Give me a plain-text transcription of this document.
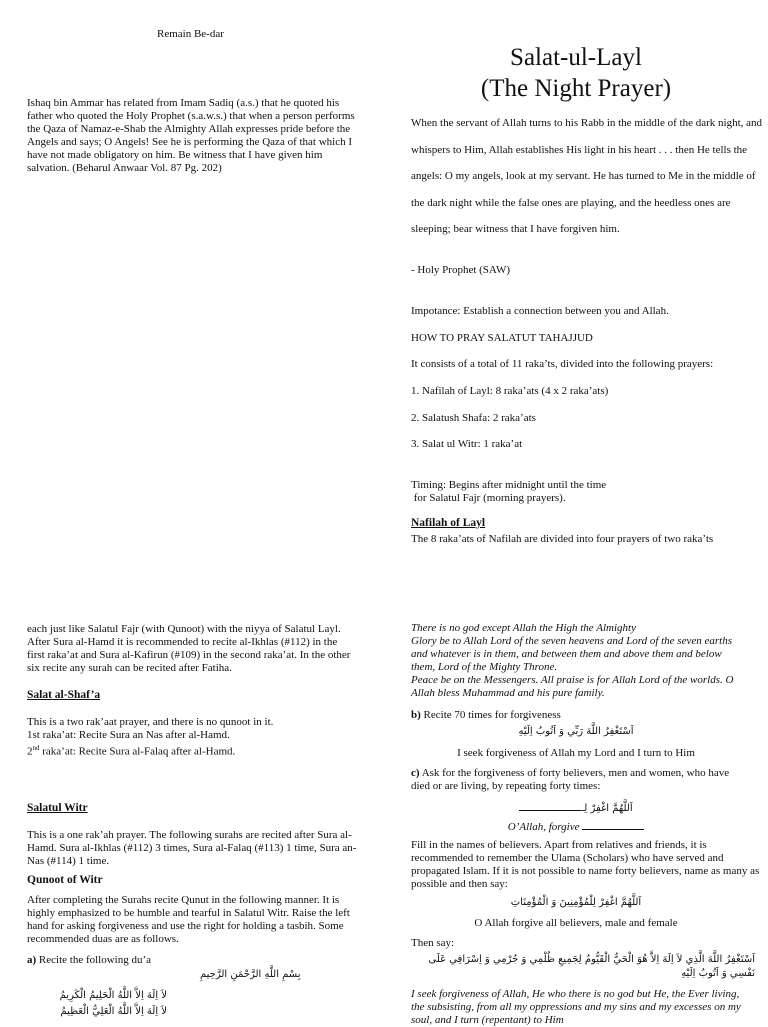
Remain Be-dar

Ishaq bin Ammar has related from Imam Sadiq (a.s.) that he quoted his father who quoted the Holy Prophet (s.a.w.s.) that when a person performs the Qaza of Namaz-e-Shab the Almighty Allah expresses pride before the Angels and says; O Angels! See he is performing the Qaza of that which I have not made obligatory on him. Be witness that I have given him salvation. (Beharul Anwaar Vol. 87 Pg. 202)

Salat-ul-Layl
(The Night Prayer)

When the servant of Allah turns to his Rabb in the middle of the dark night, and whispers to Him, Allah establishes His light in his heart . . . then He tells the angels: O my angels, look at my servant. He has turned to Me in the middle of the dark night while the false ones are playing, and the heedless ones are sleeping; bear witness that I have forgiven him.

- Holy Prophet (SAW)
Impotance: Establish a connection between you and Allah.
HOW TO PRAY SALATUT TAHAJJUD
It consists of a total of 11 raka’ts, divided into the following prayers:
1. Nafilah of Layl: 8 raka’ats (4 x 2 raka’ats)
2. Salatush Shafa: 2 raka’ats
3. Salat ul Witr: 1 raka’at
Timing: Begins after midnight until the time
for Salatul Fajr (morning prayers).
Nafilah of Layl
The 8 raka’ats of Nafilah are divided into four prayers of two raka’ts

each just like Salatul Fajr (with Qunoot) with the niyya of Salatul Layl. After Sura al-Hamd it is recommended to recite al-Ikhlas (#112) in the first raka’at and Sura al-Kafirun (#109) in the second raka’at. In the other six recite any surah can be recited after Fatiha.

Salat al-Shaf’a
This is a two rak’aat prayer, and there is no qunoot in it.
1st raka’at: Recite Sura an Nas after al-Hamd.
2nd raka’at: Recite Sura al-Falaq after al-Hamd.
Salatul Witr

This is a one rak’ah prayer. The following surahs are recited after Sura al-Hamd. Sura al-Ikhlas (#112) 3 times, Sura al-Falaq (#113) 1 time, Sura an-Nas (#114) 1 time.

Qunoot of Witr

After completing the Surahs recite Qunut in the following manner. It is highly emphasized to be humble and tearful in Salatul Witr. Raise the left hand for asking forgiveness and use the right for holding a tasbih. Some recommended duas are as follows.

a) Recite the following du’a
بِسْمِ اللَّهِ الرَّحْمَنِ الرَّحِيمِ
لاَ اِلَهَ اِلاَّ اللَّهُ الْحَلِيمُ الْكَرِيمُ
لاَ اِلَهَ اِلاَّ اللَّهُ الْعَلِيُّ الْعَظِيمُ
There is no god except Allah the High the Almighty
Glory be to Allah Lord of the seven heavens and Lord of the seven earths and whatever is in them, and between them and above them and below them, Lord of the Mighty Throne.
Peace be on the Messengers. All praise is for Allah Lord of the worlds. O Allah bless Muhammad and his pure family.
b) Recite 70 times for forgiveness
اَسْتَغْفِرُ اللَّهَ رَبِّي وَ اَتُوبُ اِلَيْهِ
I seek forgiveness of Allah my Lord and I turn to Him

c) Ask for the forgiveness of forty believers, men and women, who have died or are living, by repeating forty times:

اَللَّهُمَّ اغْفِرْ لِـ
O’Allah, forgive

Fill in the names of believers. Apart from relatives and friends, it is recommended to remember the Ulama (Scholars) who have served and propagated Islam. If it is not possible to name forty believers, name as many as possible and then say:

اَللَّهُمَّ اغْفِرْ لِلْمُؤْمِنِينَ وَ الْمُؤْمِنَاتِ
O Allah forgive all believers, male and female
Then say:

اَسْتَغْفِرُ اللَّهَ الَّذِي لاَ اِلَهَ اِلاَّ هُوَ الْحَيُّ الْقَيُّومُ لِجَمِيعِ ظُلْمِي وَ جُرْمِي وَ اِسْرَافِي عَلَى نَفْسِي وَ اَتُوبُ اِلَيْهِ

I seek forgiveness of Allah, He who there is no god but He, the Ever living, the subsisting, from all my oppressions and my sins and my excesses on my soul, and I turn (repentant) to Him
